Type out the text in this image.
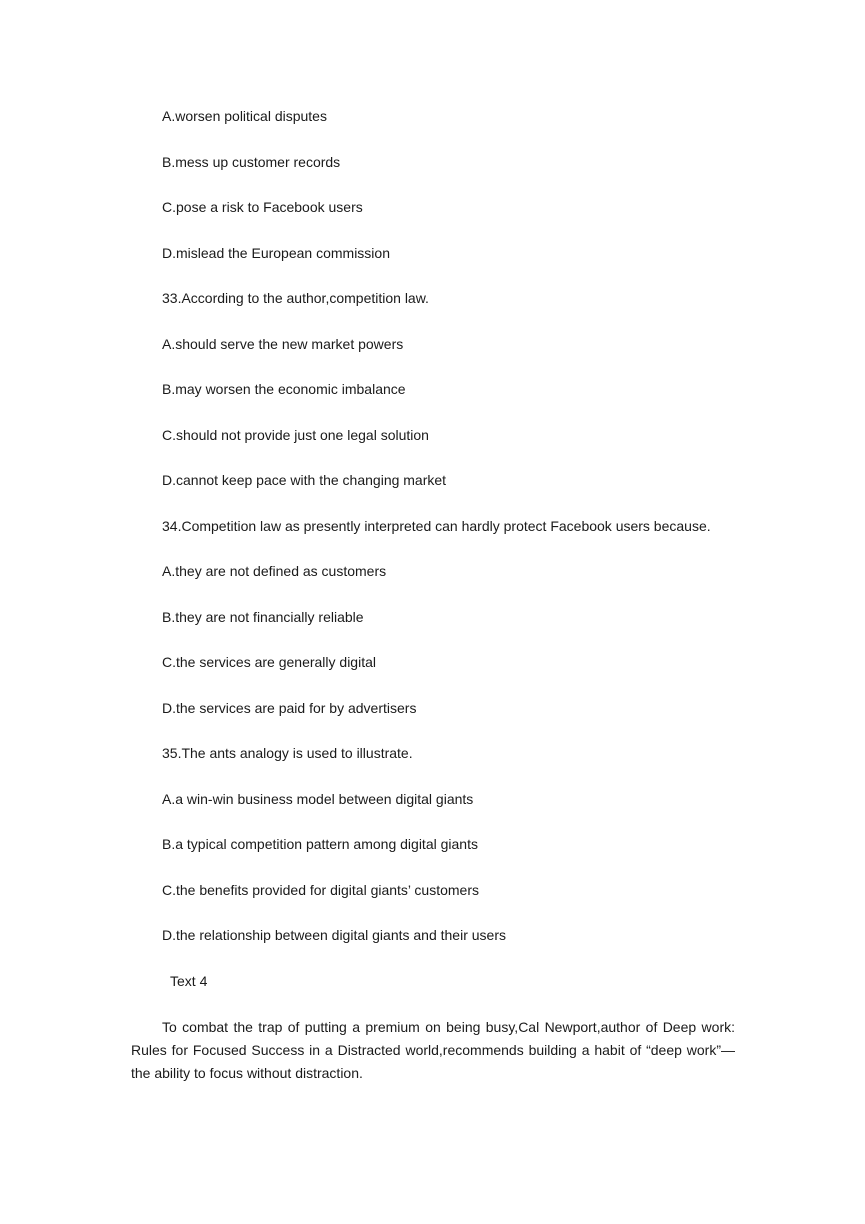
A.worsen political disputes
B.mess up customer records
C.pose a risk to Facebook users
D.mislead the European commission
33.According to the author,competition law.
A.should serve the new market powers
B.may worsen the economic imbalance
C.should not provide just one legal solution
D.cannot keep pace with the changing market
34.Competition law as presently interpreted can hardly protect Facebook users because.
A.they are not defined as customers
B.they are not financially reliable
C.the services are generally digital
D.the services are paid for by advertisers
35.The ants analogy is used to illustrate.
A.a win-win business model between digital giants
B.a typical competition pattern among digital giants
C.the benefits provided for digital giants’ customers
D.the relationship between digital giants and their users
Text 4
To combat the trap of putting a premium on being busy,Cal Newport,author of Deep work: Rules for Focused Success in a Distracted world,recommends building a habit of “deep work”—the ability to focus without distraction.
